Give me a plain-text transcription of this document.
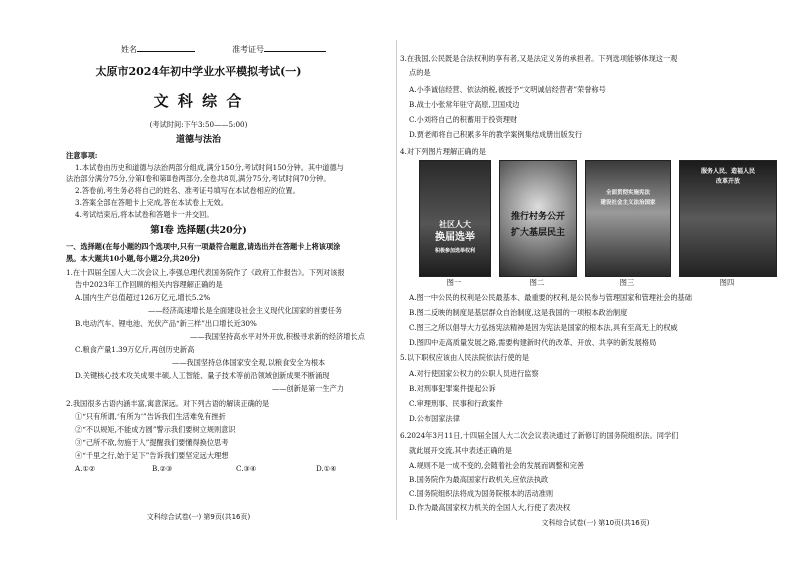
姓名	准考证号
太原市2024年初中学业水平模拟考试(一)
文 科 综 合
(考试时间:下午3:50——5:00)
道德与法治
注意事项:
1.本试卷由历史和道德与法治两部分组成,满分150分,考试时间150分钟。其中道德与
法治部分满分75分,分第Ⅰ卷和第Ⅱ卷两部分,全卷共8页,满分75分,考试时间70分钟。
2.答卷前,考生务必将自己的姓名、准考证号填写在本试卷相应的位置。
3.答案全部在答题卡上完成,答在本试卷上无效。
4.考试结束后,将本试卷和答题卡一并交回。
第Ⅰ卷 选择题(共20分)
一、选择题(在每小题的四个选项中,只有一项最符合题意,请选出并在答题卡上将该项涂
黑。本大题共10小题,每小题2分,共20分)
1.在十四届全国人大二次会议上,李强总理代表国务院作了《政府工作报告》。下列对该报
告中2023年工作回顾的相关内容理解正确的是
A.国内生产总值超过126万亿元,增长5.2%
——经济高速增长是全面建设社会主义现代化国家的首要任务
B.电动汽车、锂电池、光伏产品“新三样”出口增长近30%
——我国坚持高水平对外开放,积极寻求新的经济增长点
C.粮食产量1.39万亿斤,再创历史新高
——我国坚持总体国家安全观,以粮食安全为根本
D.关键核心技术攻关成果丰硕,人工智能、量子技术等前沿领域创新成果不断涌现
——创新是第一生产力
2.我国很多古语内涵丰富,寓意深远。对下列古语的解读正确的是
①“只有所谓,‘有所为’”告诉我们生活难免有挫折
②“不以规矩,不能成方圆”警示我们要树立规则意识
③“己所不欲,勿施于人”提醒我们要懂得换位思考
④“千里之行,始于足下”告诉我们要坚定远大理想
A.①②	B.②③	C.③④	D.①④
文科综合试卷(一) 第9页(共16页)
3.在我国,公民既是合法权利的享有者,又是法定义务的承担者。下列选项能够体现这一观
点的是
A.小李诚信经营、依法纳税,被授予“文明诚信经营者”荣誉称号
B.战士小张常年驻守高原,卫国戍边
C.小刘将自己的积蓄用于投资理财
D.贾老师将自己积累多年的教学案例集结成册出版发行
4.对下列图片理解正确的是
社区人大
换届选举
积极参加选举权利
图一
推行村务公开
扩大基层民主
图二
全面贯彻实施宪法
建设社会主义法治国家
图三
服务人民、造福人民
改革开放
图四
A.图一中公民的权利是公民最基本、最重要的权利,是公民参与管理国家和管理社会的基础
B.图二反映的制度是基层群众自治制度,这是我国的一项根本政治制度
C.图三之所以倡导大力弘扬宪法精神是因为宪法是国家的根本法,具有至高无上的权威
D.图四中走高质量发展之路,需要构建新时代的改革、开放、共享的新发展格局
5.以下职权应该由人民法院依法行使的是
A.对行使国家公权力的公职人员进行监察
B.对刑事犯罪案件提起公诉
C.审理刑事、民事和行政案件
D.公布国家法律
6.2024年3月11日,十四届全国人大二次会议表决通过了新修订的国务院组织法。同学们
就此展开交流,其中表述正确的是
A.规则不是一成不变的,会随着社会的发展而调整和完善
B.国务院作为最高国家行政机关,应依法执政
C.国务院组织法将成为国务院根本的活动准则
D.作为最高国家权力机关的全国人大,行使了表决权
文科综合试卷(一) 第10页(共16页)
